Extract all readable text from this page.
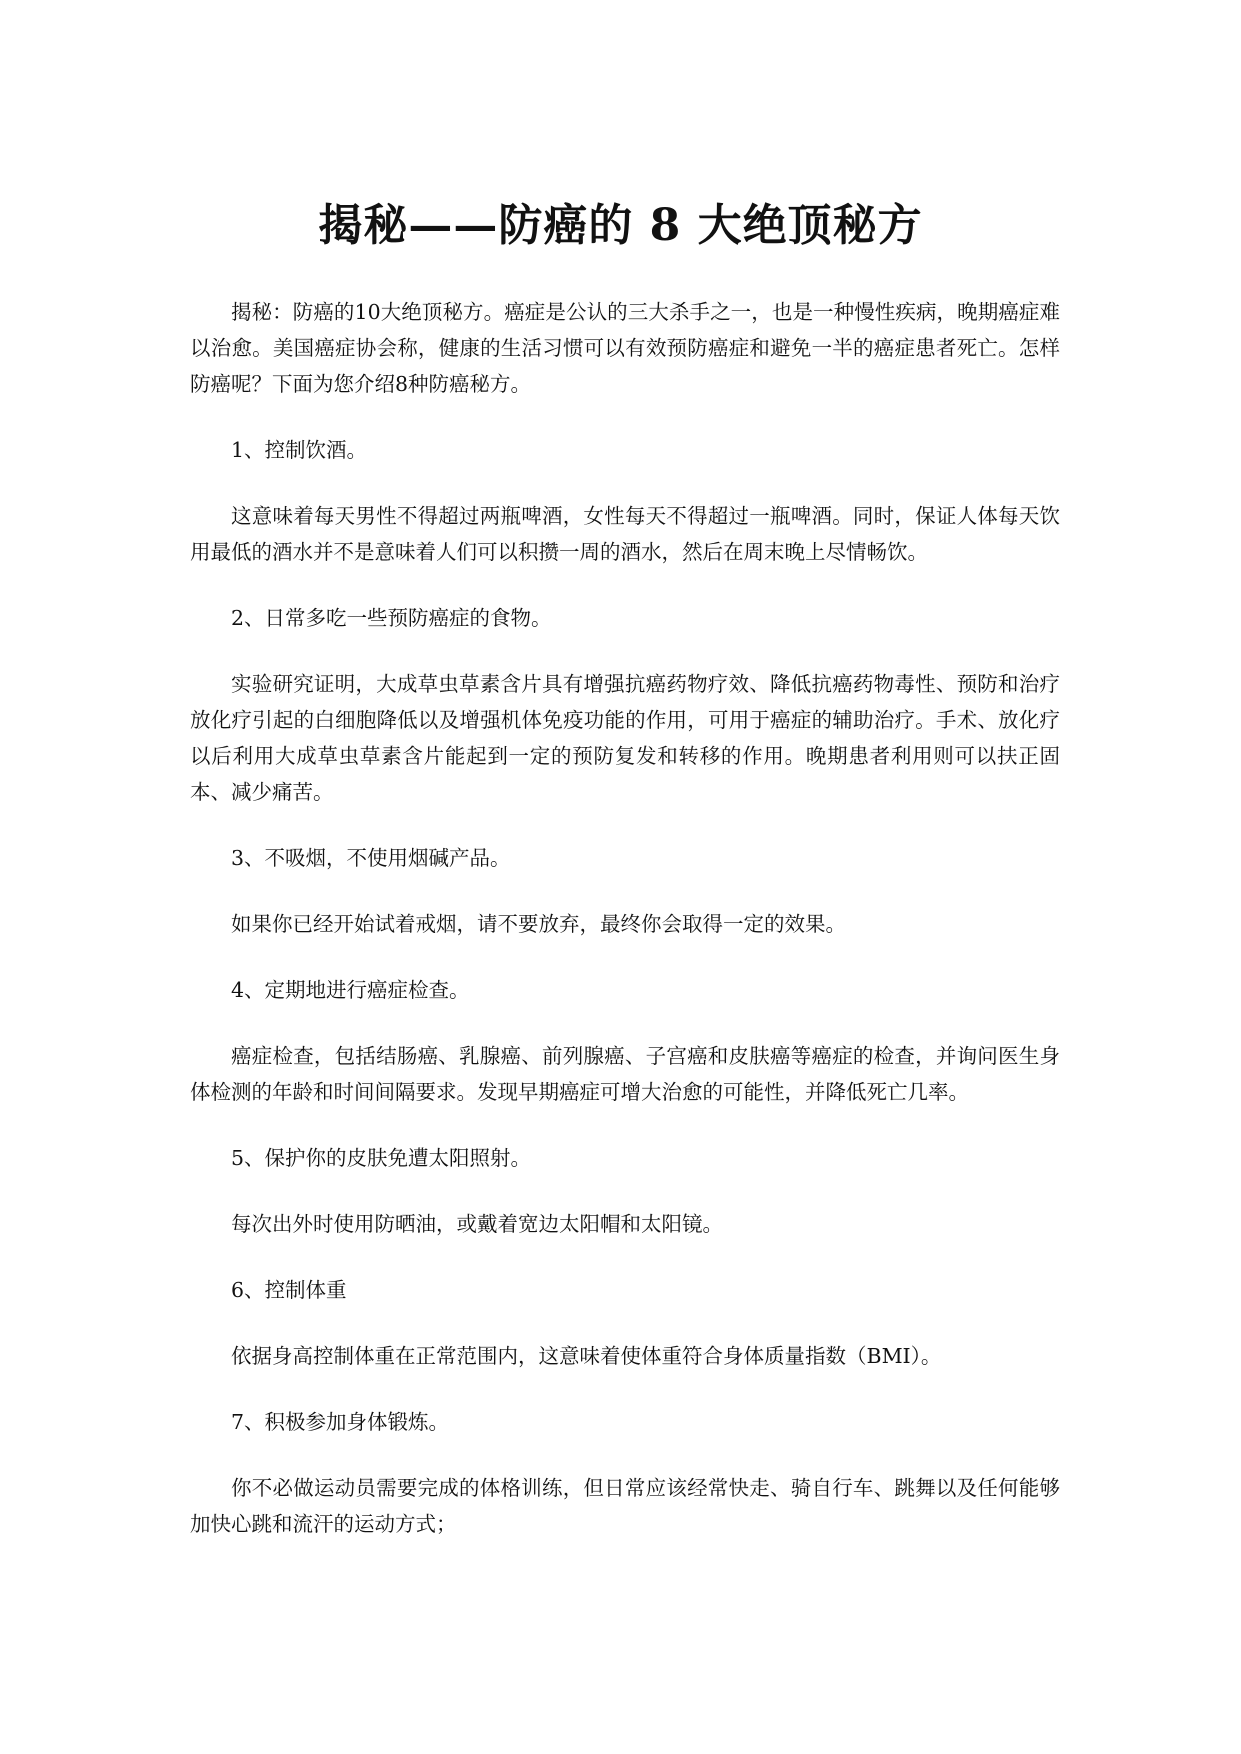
揭秘——防癌的 8 大绝顶秘方

揭秘：防癌的10大绝顶秘方。癌症是公认的三大杀手之一，也是一种慢性疾病，晚期癌症难以治愈。美国癌症协会称，健康的生活习惯可以有效预防癌症和避免一半的癌症患者死亡。怎样防癌呢？下面为您介绍8种防癌秘方。

1、控制饮酒。

这意味着每天男性不得超过两瓶啤酒，女性每天不得超过一瓶啤酒。同时，保证人体每天饮用最低的酒水并不是意味着人们可以积攒一周的酒水，然后在周末晚上尽情畅饮。

2、日常多吃一些预防癌症的食物。

实验研究证明，大成草虫草素含片具有增强抗癌药物疗效、降低抗癌药物毒性、预防和治疗放化疗引起的白细胞降低以及增强机体免疫功能的作用，可用于癌症的辅助治疗。手术、放化疗以后利用大成草虫草素含片能起到一定的预防复发和转移的作用。晚期患者利用则可以扶正固本、减少痛苦。

3、不吸烟，不使用烟碱产品。

如果你已经开始试着戒烟，请不要放弃，最终你会取得一定的效果。

4、定期地进行癌症检查。

癌症检查，包括结肠癌、乳腺癌、前列腺癌、子宫癌和皮肤癌等癌症的检查，并询问医生身体检测的年龄和时间间隔要求。发现早期癌症可增大治愈的可能性，并降低死亡几率。

5、保护你的皮肤免遭太阳照射。

每次出外时使用防晒油，或戴着宽边太阳帽和太阳镜。

6、控制体重

依据身高控制体重在正常范围内，这意味着使体重符合身体质量指数（BMI）。

7、积极参加身体锻炼。

你不必做运动员需要完成的体格训练，但日常应该经常快走、骑自行车、跳舞以及任何能够加快心跳和流汗的运动方式；
